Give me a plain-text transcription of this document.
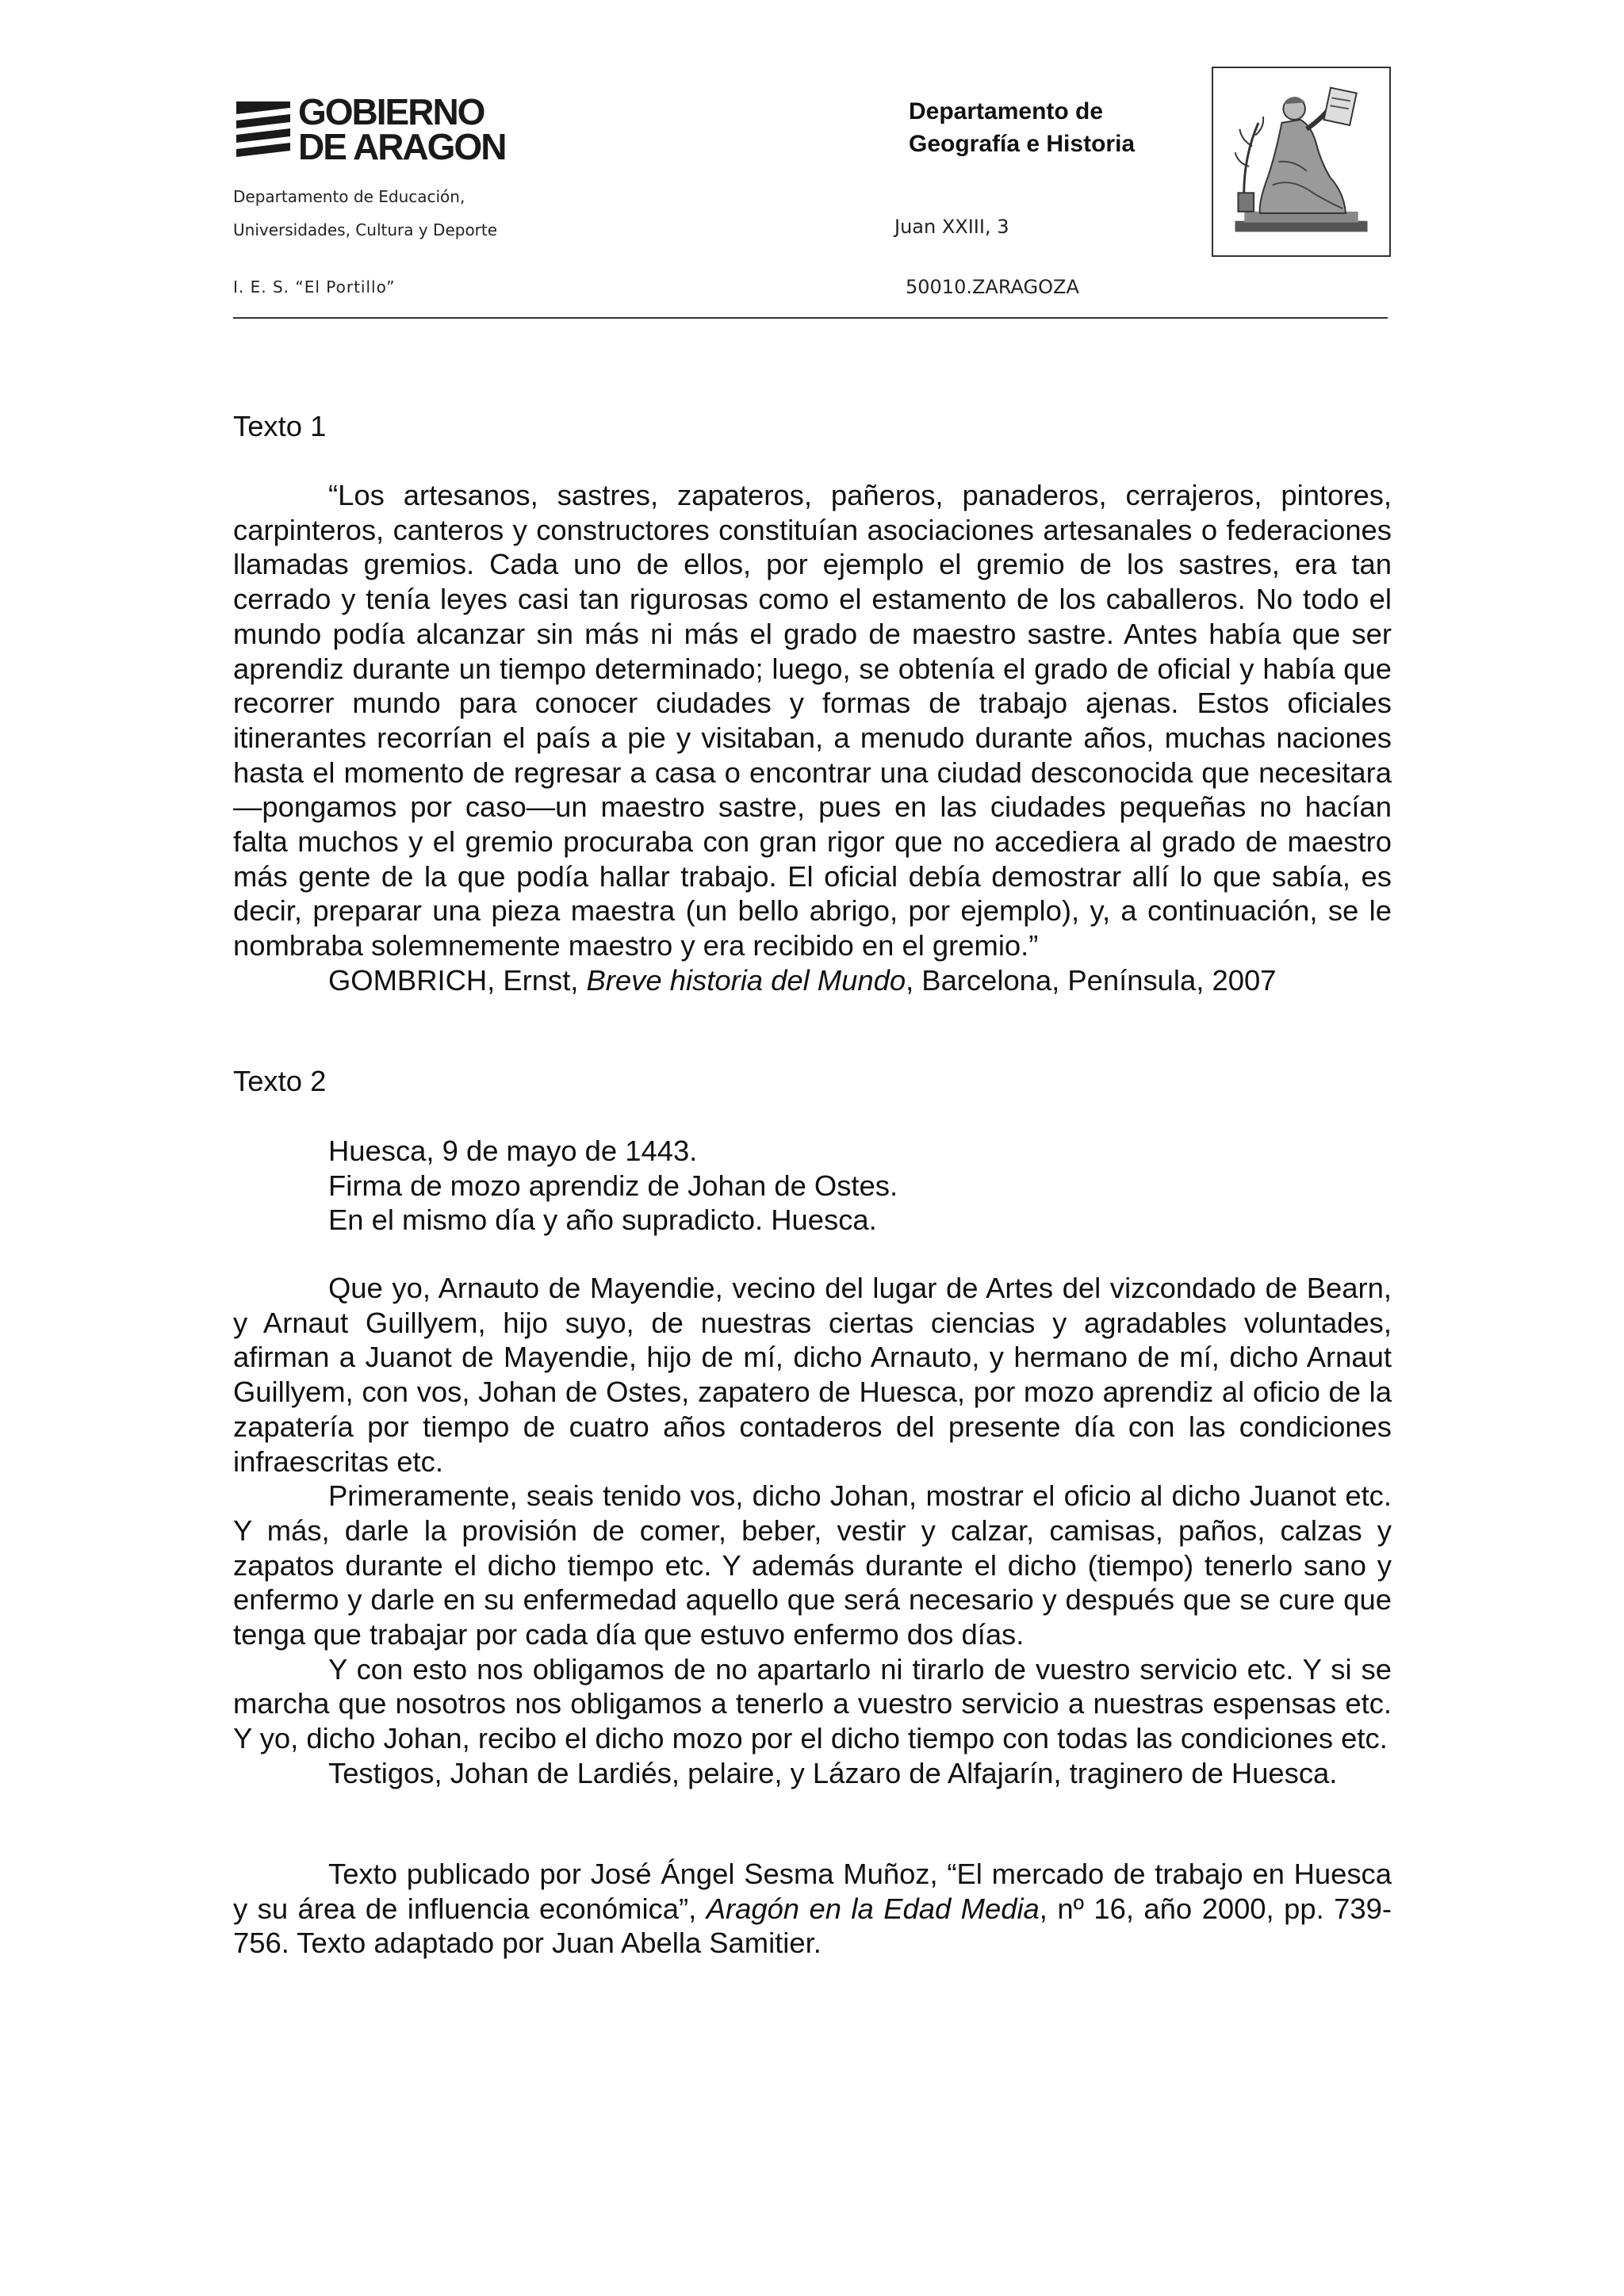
GOBIERNO
DE ARAGON
Departamento de Educación,
Universidades, Cultura y Deporte
I. E. S. “El Portillo”
Departamento de
Geografía e Historia
Juan XXIII, 3
50010.ZARAGOZA
Texto 1

“Los artesanos, sastres, zapateros, pañeros, panaderos, cerrajeros, pintores, carpinteros, canteros y constructores constituían asociaciones artesanales o federaciones llamadas gremios. Cada uno de ellos, por ejemplo el gremio de los sastres, era tan cerrado y tenía leyes casi tan rigurosas como el estamento de los caballeros. No todo el mundo podía alcanzar sin más ni más el grado de maestro sastre. Antes había que ser aprendiz durante un tiempo determinado; luego, se obtenía el grado de oficial y había que recorrer mundo para conocer ciudades y formas de trabajo ajenas. Estos oficiales itinerantes recorrían el país a pie y visitaban, a menudo durante años, muchas naciones hasta el momento de regresar a casa o encontrar una ciudad desconocida que necesitara—pongamos por caso—un maestro sastre, pues en las ciudades pequeñas no hacían falta muchos y el gremio procuraba con gran rigor que no accediera al grado de maestro más gente de la que podía hallar trabajo. El oficial debía demostrar allí lo que sabía, es decir, preparar una pieza maestra (un bello abrigo, por ejemplo), y, a continuación, se le nombraba solemnemente maestro y era recibido en el gremio.”

GOMBRICH, Ernst, Breve historia del Mundo, Barcelona, Península, 2007
Texto 2
Huesca, 9 de mayo de 1443.
Firma de mozo aprendiz de Johan de Ostes.
En el mismo día y año supradicto. Huesca.

Que yo, Arnauto de Mayendie, vecino del lugar de Artes del vizcondado de Bearn, y Arnaut Guillyem, hijo suyo, de nuestras ciertas ciencias y agradables voluntades, afirman a Juanot de Mayendie, hijo de mí, dicho Arnauto, y hermano de mí, dicho Arnaut Guillyem, con vos, Johan de Ostes, zapatero de Huesca, por mozo aprendiz al oficio de la zapatería por tiempo de cuatro años contaderos del presente día con las condiciones infraescritas etc.

Primeramente, seais tenido vos, dicho Johan, mostrar el oficio al dicho Juanot etc. Y más, darle la provisión de comer, beber, vestir y calzar, camisas, paños, calzas y zapatos durante el dicho tiempo etc. Y además durante el dicho (tiempo) tenerlo sano y enfermo y darle en su enfermedad aquello que será necesario y después que se cure que tenga que trabajar por cada día que estuvo enfermo dos días.

Y con esto nos obligamos de no apartarlo ni tirarlo de vuestro servicio etc. Y si se marcha que nosotros nos obligamos a tenerlo a vuestro servicio a nuestras espensas etc. Y yo, dicho Johan, recibo el dicho mozo por el dicho tiempo con todas las condiciones etc.

Testigos, Johan de Lardiés, pelaire, y Lázaro de Alfajarín, traginero de Huesca.

Texto publicado por José Ángel Sesma Muñoz, “El mercado de trabajo en Huesca y su área de influencia económica”, Aragón en la Edad Media, nº 16, año 2000, pp. 739-756. Texto adaptado por Juan Abella Samitier.
